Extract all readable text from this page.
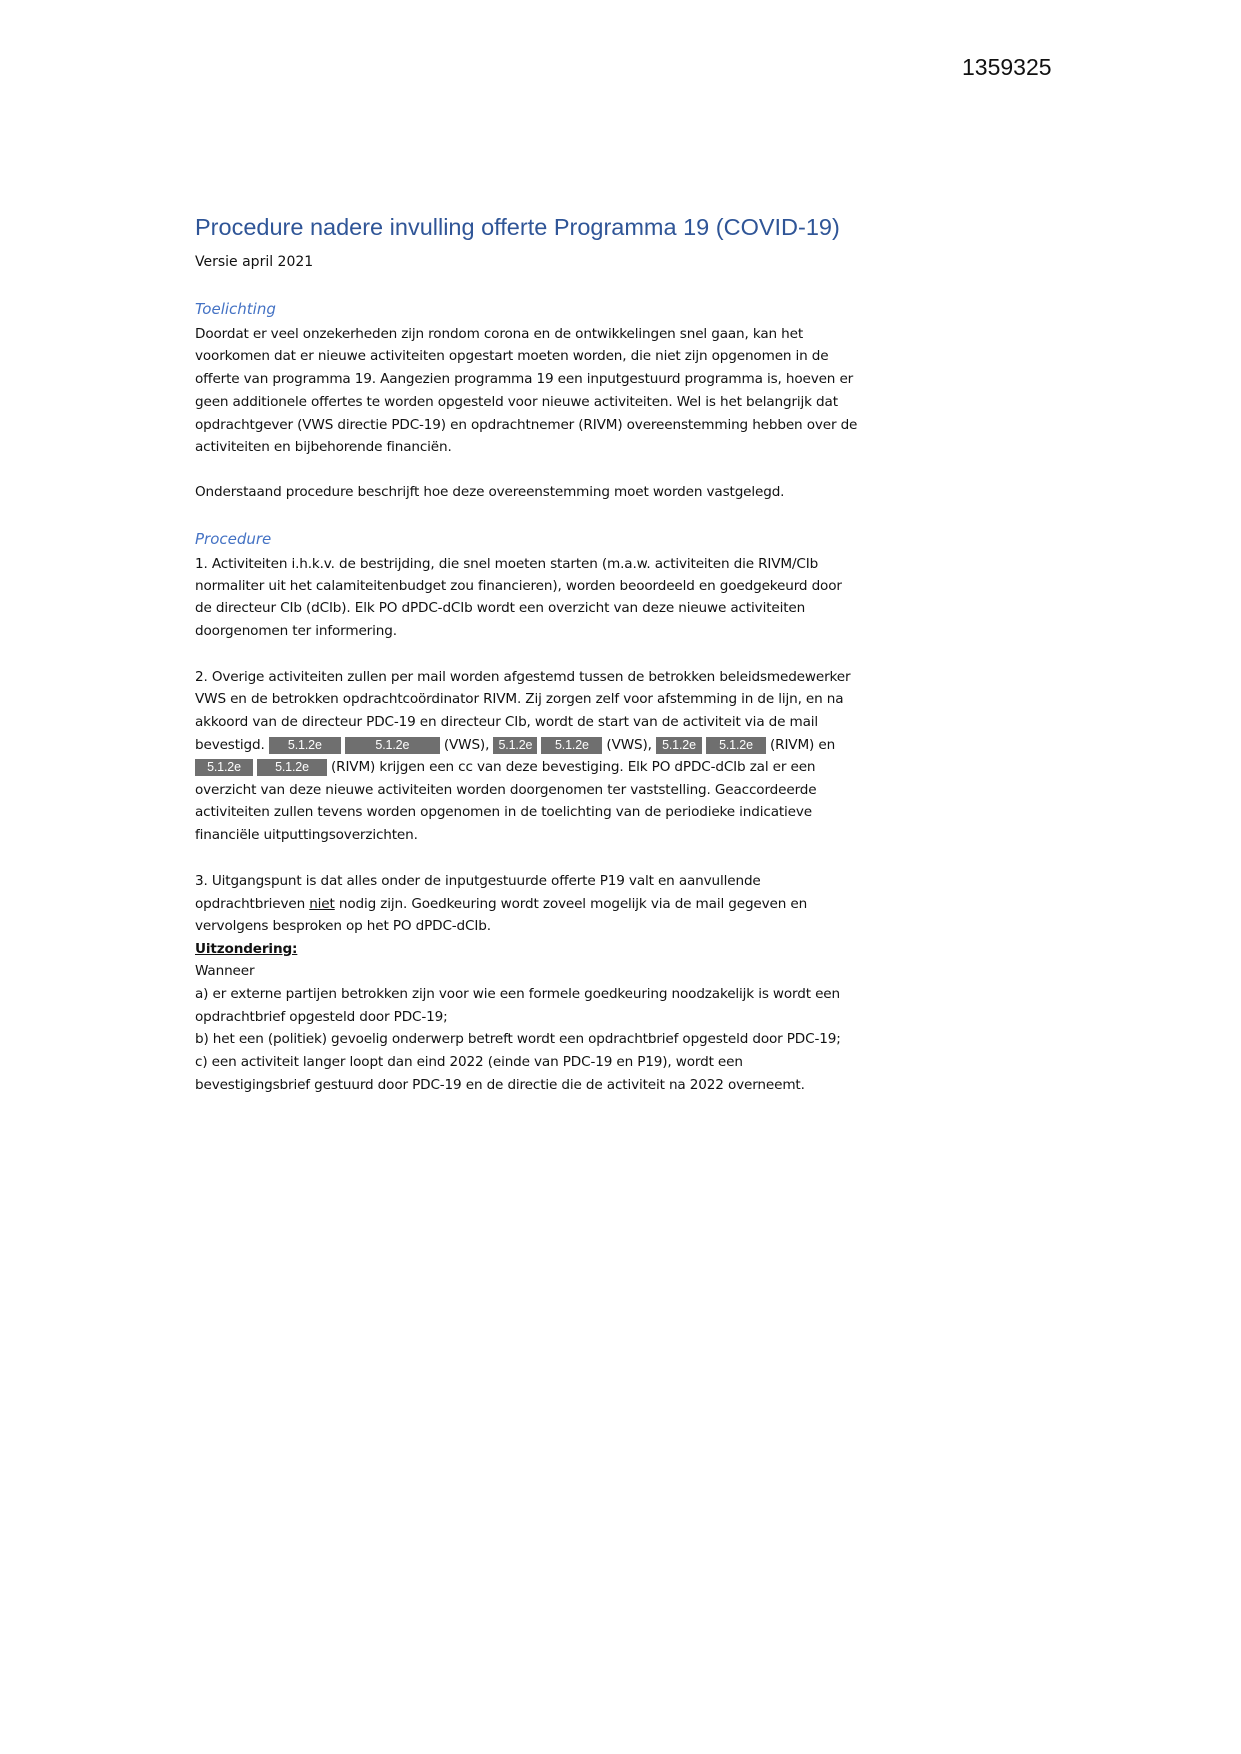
1359325
Procedure nadere invulling offerte Programma 19 (COVID-19)
Versie april 2021
Toelichting
Doordat er veel onzekerheden zijn rondom corona en de ontwikkelingen snel gaan, kan het
voorkomen dat er nieuwe activiteiten opgestart moeten worden, die niet zijn opgenomen in de
offerte van programma 19. Aangezien programma 19 een inputgestuurd programma is, hoeven er
geen additionele offertes te worden opgesteld voor nieuwe activiteiten. Wel is het belangrijk dat
opdrachtgever (VWS directie PDC-19) en opdrachtnemer (RIVM) overeenstemming hebben over de
activiteiten en bijbehorende financiën.
Onderstaand procedure beschrijft hoe deze overeenstemming moet worden vastgelegd.
Procedure
1. Activiteiten i.h.k.v. de bestrijding, die snel moeten starten (m.a.w. activiteiten die RIVM/CIb
normaliter uit het calamiteitenbudget zou financieren), worden beoordeeld en goedgekeurd door
de directeur CIb (dCIb). Elk PO dPDC-dCIb wordt een overzicht van deze nieuwe activiteiten
doorgenomen ter informering.
2. Overige activiteiten zullen per mail worden afgestemd tussen de betrokken beleidsmedewerker
VWS en de betrokken opdrachtcoördinator RIVM. Zij zorgen zelf voor afstemming in de lijn, en na
akkoord van de directeur PDC-19 en directeur CIb, wordt de start van de activiteit via de mail
bevestigd. 5.1.2e	5.1.2e	(VWS), 5.1.2e 5.1.2e (VWS), 5.1.2e 5.1.2e (RIVM) en
5.1.2e	5.1.2e (RIVM) krijgen een cc van deze bevestiging. Elk PO dPDC-dCIb zal er een
overzicht van deze nieuwe activiteiten worden doorgenomen ter vaststelling. Geaccordeerde
activiteiten zullen tevens worden opgenomen in de toelichting van de periodieke indicatieve
financiële uitputtingsoverzichten.
3. Uitgangspunt is dat alles onder de inputgestuurde offerte P19 valt en aanvullende
opdrachtbrieven niet nodig zijn. Goedkeuring wordt zoveel mogelijk via de mail gegeven en
vervolgens besproken op het PO dPDC-dCIb.
Uitzondering:
Wanneer
a) er externe partijen betrokken zijn voor wie een formele goedkeuring noodzakelijk is wordt een
opdrachtbrief opgesteld door PDC-19;
b) het een (politiek) gevoelig onderwerp betreft wordt een opdrachtbrief opgesteld door PDC-19;
c) een activiteit langer loopt dan eind 2022 (einde van PDC-19 en P19), wordt een
bevestigingsbrief gestuurd door PDC-19 en de directie die de activiteit na 2022 overneemt.
